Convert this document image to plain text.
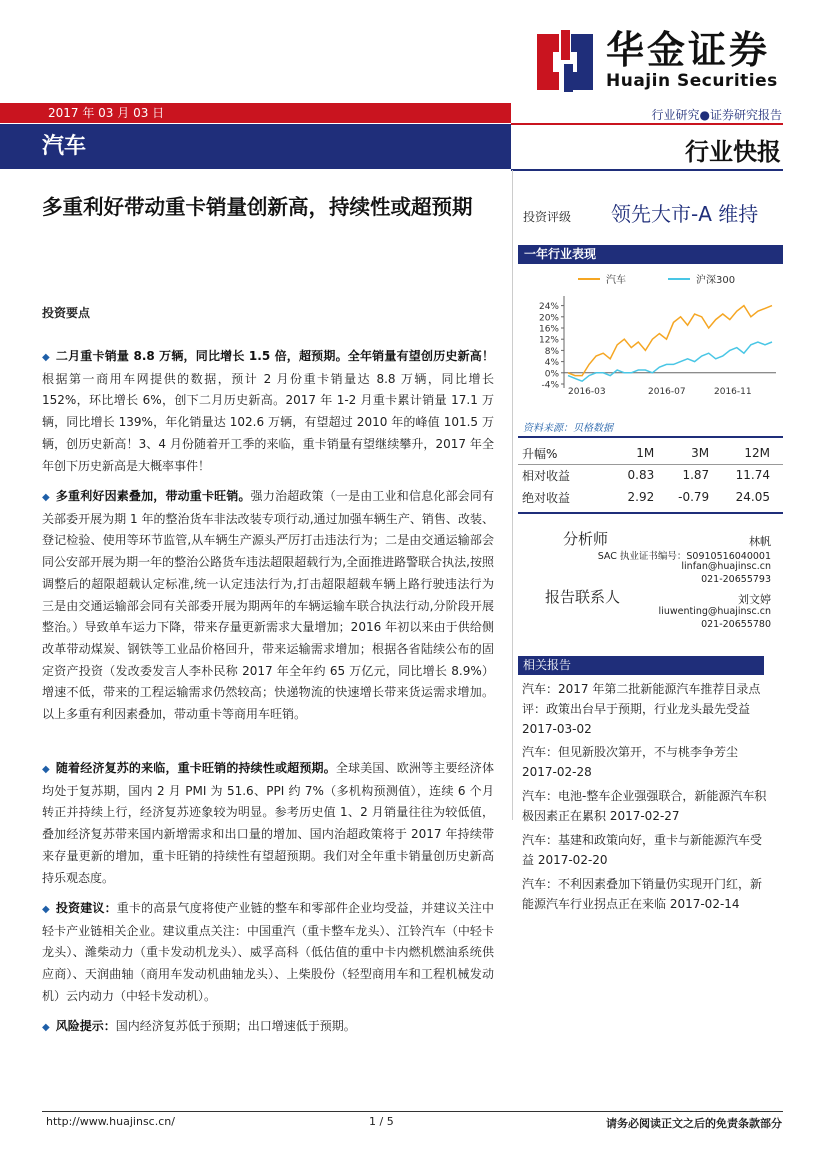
华金证券
Huajin Securities
2017 年 03 月 03 日	行业研究●证券研究报告
汽车	行业快报
多重利好带动重卡销量创新高，持续性或超预期
投资要点
◆ 二月重卡销量 8.8 万辆，同比增长 1.5 倍，超预期。全年销量有望创历史新高！根据第一商用车网提供的数据，预计 2 月份重卡销量达 8.8 万辆，同比增长 152%，环比增长 6%，创下二月历史新高。2017 年 1-2 月重卡累计销量 17.1 万辆，同比增长 139%，年化销量达 102.6 万辆，有望超过 2010 年的峰值 101.5 万辆，创历史新高！3、4 月份随着开工季的来临，重卡销量有望继续攀升，2017 年全年创下历史新高是大概率事件！
◆ 多重利好因素叠加，带动重卡旺销。强力治超政策（一是由工业和信息化部会同有关部委开展为期 1 年的整治货车非法改装专项行动,通过加强车辆生产、销售、改装、登记检验、使用等环节监管,从车辆生产源头严厉打击违法行为；二是由交通运输部会同公安部开展为期一年的整治公路货车违法超限超载行为,全面推进路警联合执法,按照调整后的超限超载认定标准,统一认定违法行为,打击超限超载车辆上路行驶违法行为 三是由交通运输部会同有关部委开展为期两年的车辆运输车联合执法行动,分阶段开展整治。）导致单车运力下降，带来存量更新需求大量增加；2016 年初以来由于供给侧改革带动煤炭、钢铁等工业品价格回升，带来运输需求增加；根据各省陆续公布的固定资产投资（发改委发言人李朴民称 2017 年全年约 65 万亿元，同比增长 8.9%）增速不低，带来的工程运输需求仍然较高；快递物流的快速增长带来货运需求增加。以上多重有利因素叠加，带动重卡等商用车旺销。
◆ 随着经济复苏的来临，重卡旺销的持续性或超预期。全球美国、欧洲等主要经济体均处于复苏期，国内 2 月 PMI 为 51.6、PPI 约 7%（多机构预测值），连续 6 个月转正并持续上行，经济复苏迹象较为明显。参考历史值 1、2 月销量往往为较低值，叠加经济复苏带来国内新增需求和出口量的增加、国内治超政策将于 2017 年持续带来存量更新的增加，重卡旺销的持续性有望超预期。我们对全年重卡销量创历史新高持乐观态度。
◆ 投资建议：重卡的高景气度将使产业链的整车和零部件企业均受益，并建议关注中轻卡产业链相关企业。建议重点关注：中国重汽（重卡整车龙头）、江铃汽车（中轻卡龙头）、潍柴动力（重卡发动机龙头）、威孚高科（低估值的重中卡内燃机燃油系统供应商）、天润曲轴（商用车发动机曲轴龙头）、上柴股份（轻型商用车和工程机械发动机）云内动力（中轻卡发动机）。
◆ 风险提示：国内经济复苏低于预期；出口增速低于预期。
投资评级 领先大市-A 维持
一年行业表现
汽车	沪深300
-4%
0%
4%
8%
12%
16%
20%
24%
2016-03	2016-07	2016-11
资料来源：贝格数据
升幅%	1M	3M	12M
相对收益	0.83	1.87	11.74
绝对收益	2.92	-0.79	24.05
分析师	林帆
SAC 执业证书编号：S0910516040001
linfan@huajinsc.cn
021-20655793
报告联系人	刘文婷
liuwenting@huajinsc.cn
021-20655780
相关报告
汽车：2017 年第二批新能源汽车推荐目录点评：政策出台早于预期，行业龙头最先受益 2017-03-02
汽车：但见新股次第开，不与桃李争芳尘 2017-02-28
汽车：电池-整车企业强强联合，新能源汽车积极因素正在累积 2017-02-27
汽车：基建和政策向好，重卡与新能源汽车受益 2017-02-20
汽车：不利因素叠加下销量仍实现开门红，新能源汽车行业拐点正在来临 2017-02-14
http://www.huajinsc.cn/	1 / 5	请务必阅读正文之后的免责条款部分
